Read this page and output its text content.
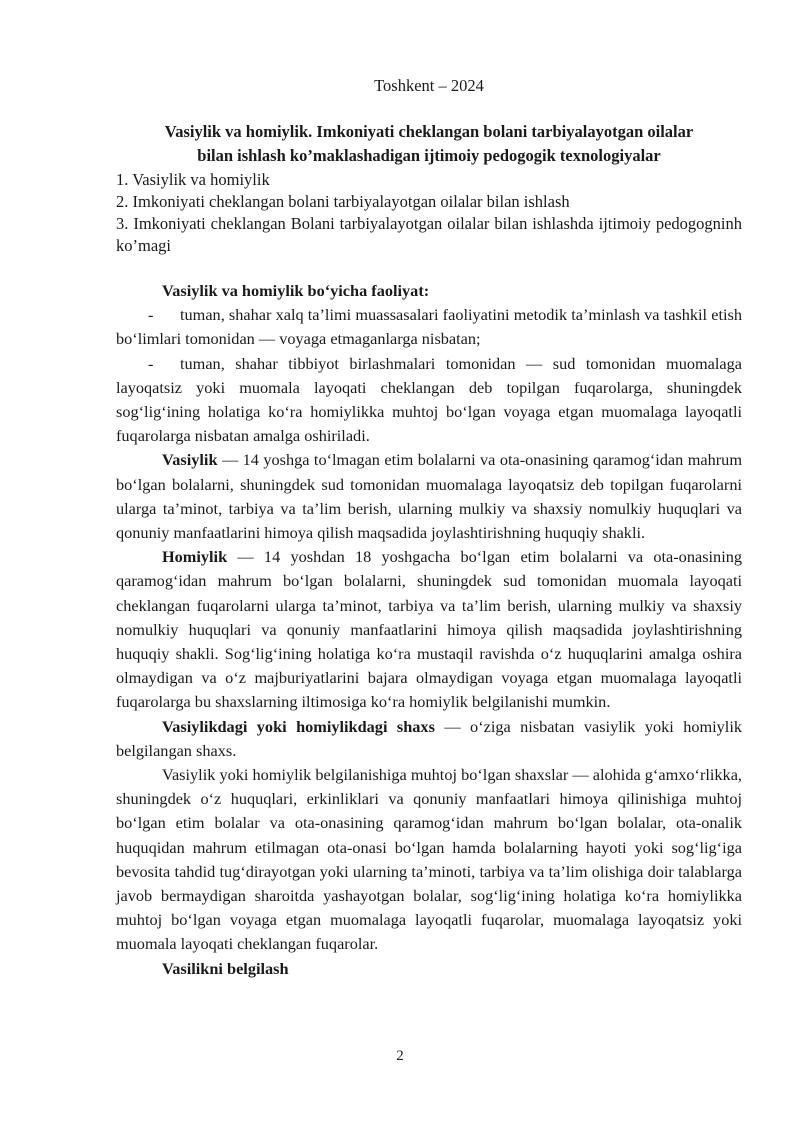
Toshkent – 2024
Vasiylik va homiylik. Imkoniyati cheklangan bolani tarbiyalayotgan oilalar
bilan ishlash ko’maklashadigan ijtimoiy pedogogik texnologiyalar
1. Vasiylik va homiylik
2. Imkoniyati cheklangan bolani tarbiyalayotgan oilalar bilan ishlash
3. Imkoniyati cheklangan Bolani tarbiyalayotgan oilalar bilan ishlashda ijtimoiy pedogogninh ko’magi

Vasiylik va homiylik bo‘yicha faoliyat:

- tuman, shahar xalq ta’limi muassasalari faoliyatini metodik ta’minlash va tashkil etish bo‘limlari tomonidan — voyaga etmaganlarga nisbatan;

- tuman, shahar tibbiyot birlashmalari tomonidan — sud tomonidan muomalaga layoqatsiz yoki muomala layoqati cheklangan deb topilgan fuqarolarga, shuningdek sog‘lig‘ining holatiga ko‘ra homiylikka muhtoj bo‘lgan voyaga etgan muomalaga layoqatli fuqarolarga nisbatan amalga oshiriladi.

Vasiylik — 14 yoshga to‘lmagan etim bolalarni va ota-onasining qaramog‘idan mahrum bo‘lgan bolalarni, shuningdek sud tomonidan muomalaga layoqatsiz deb topilgan fuqarolarni ularga ta’minot, tarbiya va ta’lim berish, ularning mulkiy va shaxsiy nomulkiy huquqlari va qonuniy manfaatlarini himoya qilish maqsadida joylashtirishning huquqiy shakli.

Homiylik — 14 yoshdan 18 yoshgacha bo‘lgan etim bolalarni va ota-onasining qaramog‘idan mahrum bo‘lgan bolalarni, shuningdek sud tomonidan muomala layoqati cheklangan fuqarolarni ularga ta’minot, tarbiya va ta’lim berish, ularning mulkiy va shaxsiy nomulkiy huquqlari va qonuniy manfaatlarini himoya qilish maqsadida joylashtirishning huquqiy shakli. Sog‘lig‘ining holatiga ko‘ra mustaqil ravishda o‘z huquqlarini amalga oshira olmaydigan va o‘z majburiyatlarini bajara olmaydigan voyaga etgan muomalaga layoqatli fuqarolarga bu shaxslarning iltimosiga ko‘ra homiylik belgilanishi mumkin.

Vasiylikdagi yoki homiylikdagi shaxs — o‘ziga nisbatan vasiylik yoki homiylik belgilangan shaxs.

Vasiylik yoki homiylik belgilanishiga muhtoj bo‘lgan shaxslar — alohida g‘amxo‘rlikka, shuningdek o‘z huquqlari, erkinliklari va qonuniy manfaatlari himoya qilinishiga muhtoj bo‘lgan etim bolalar va ota-onasining qaramog‘idan mahrum bo‘lgan bolalar, ota-onalik huquqidan mahrum etilmagan ota-onasi bo‘lgan hamda bolalarning hayoti yoki sog‘lig‘iga bevosita tahdid tug‘dirayotgan yoki ularning ta’minoti, tarbiya va ta’lim olishiga doir talablarga javob bermaydigan sharoitda yashayotgan bolalar, sog‘lig‘ining holatiga ko‘ra homiylikka muhtoj bo‘lgan voyaga etgan muomalaga layoqatli fuqarolar, muomalaga layoqatsiz yoki muomala layoqati cheklangan fuqarolar.

Vasilikni belgilash

2
